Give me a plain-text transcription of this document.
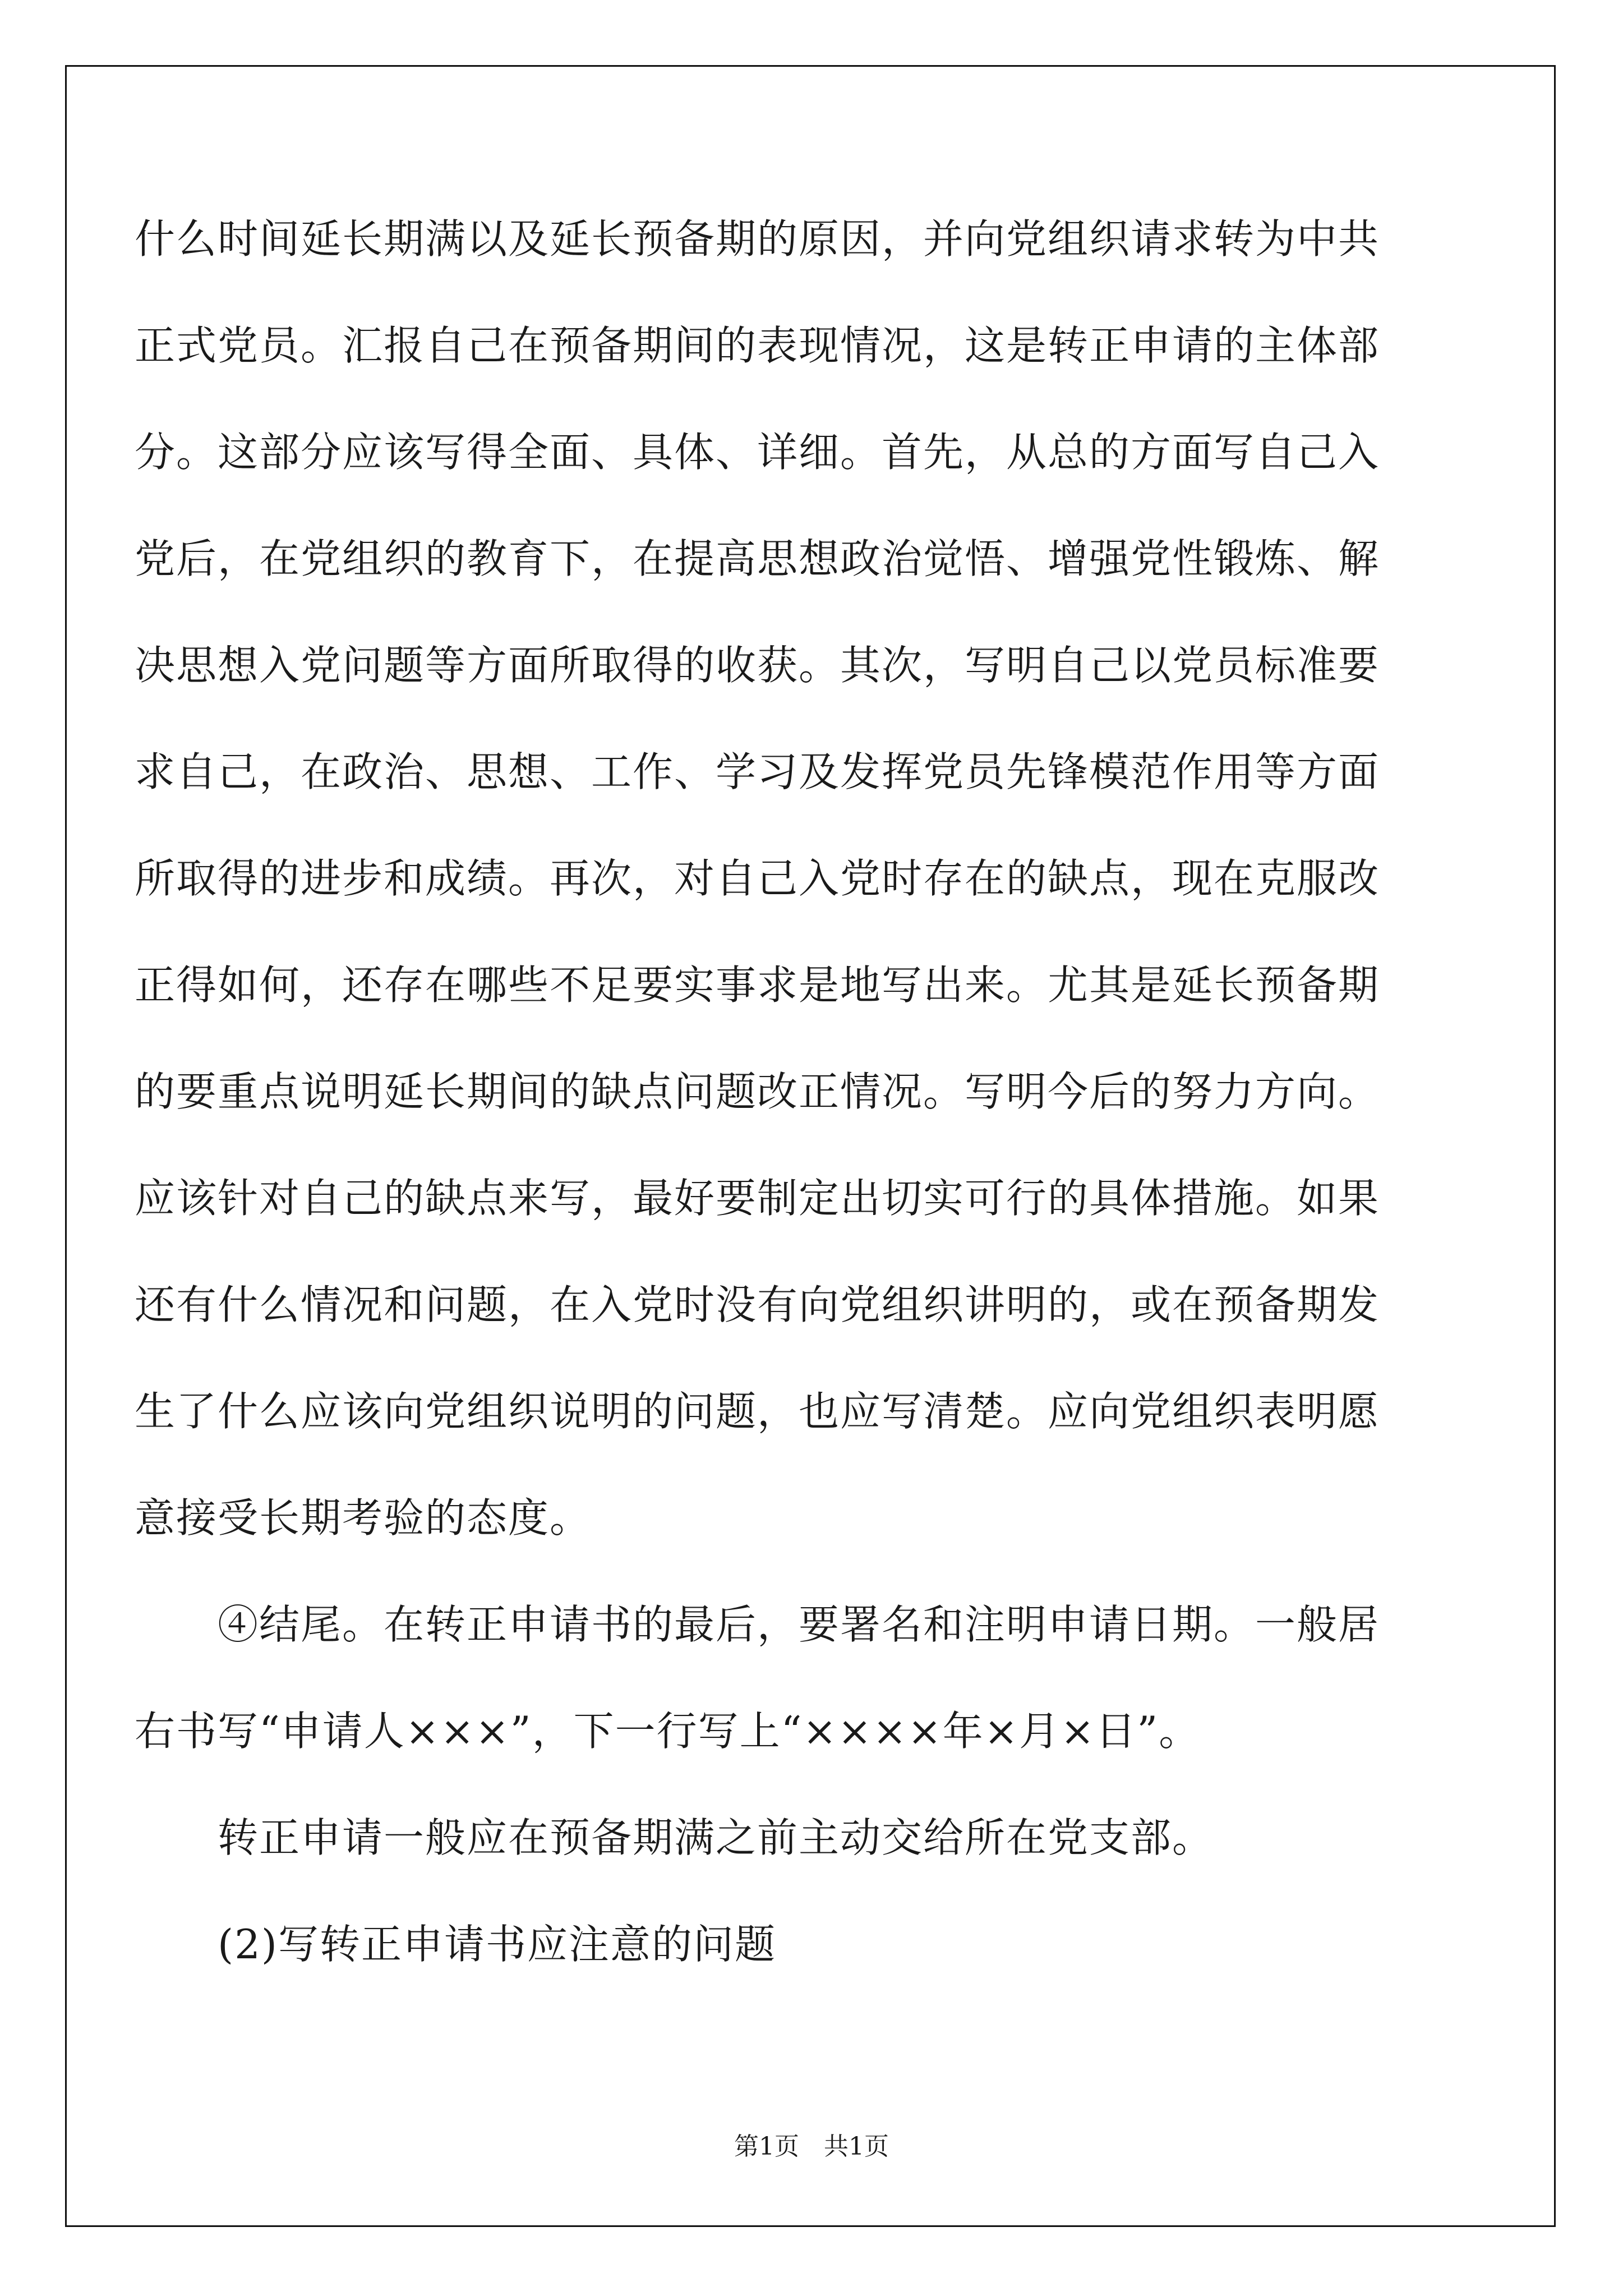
什么时间延长期满以及延长预备期的原因，并向党组织请求转为中共
正式党员。汇报自己在预备期间的表现情况，这是转正申请的主体部
分。这部分应该写得全面、具体、详细。首先，从总的方面写自己入
党后，在党组织的教育下，在提高思想政治觉悟、增强党性锻炼、解
决思想入党问题等方面所取得的收获。其次，写明自己以党员标准要
求自己，在政治、思想、工作、学习及发挥党员先锋模范作用等方面
所取得的进步和成绩。再次，对自己入党时存在的缺点，现在克服改
正得如何，还存在哪些不足要实事求是地写出来。尤其是延长预备期
的要重点说明延长期间的缺点问题改正情况。写明今后的努力方向。
应该针对自己的缺点来写，最好要制定出切实可行的具体措施。如果
还有什么情况和问题，在入党时没有向党组织讲明的，或在预备期发
生了什么应该向党组织说明的问题，也应写清楚。应向党组织表明愿
意接受长期考验的态度。
④结尾。在转正申请书的最后，要署名和注明申请日期。一般居
右书写“申请人×××”，下一行写上“××××年×月×日”。
转正申请一般应在预备期满之前主动交给所在党支部。
(2)写转正申请书应注意的问题
第1页　共1页
